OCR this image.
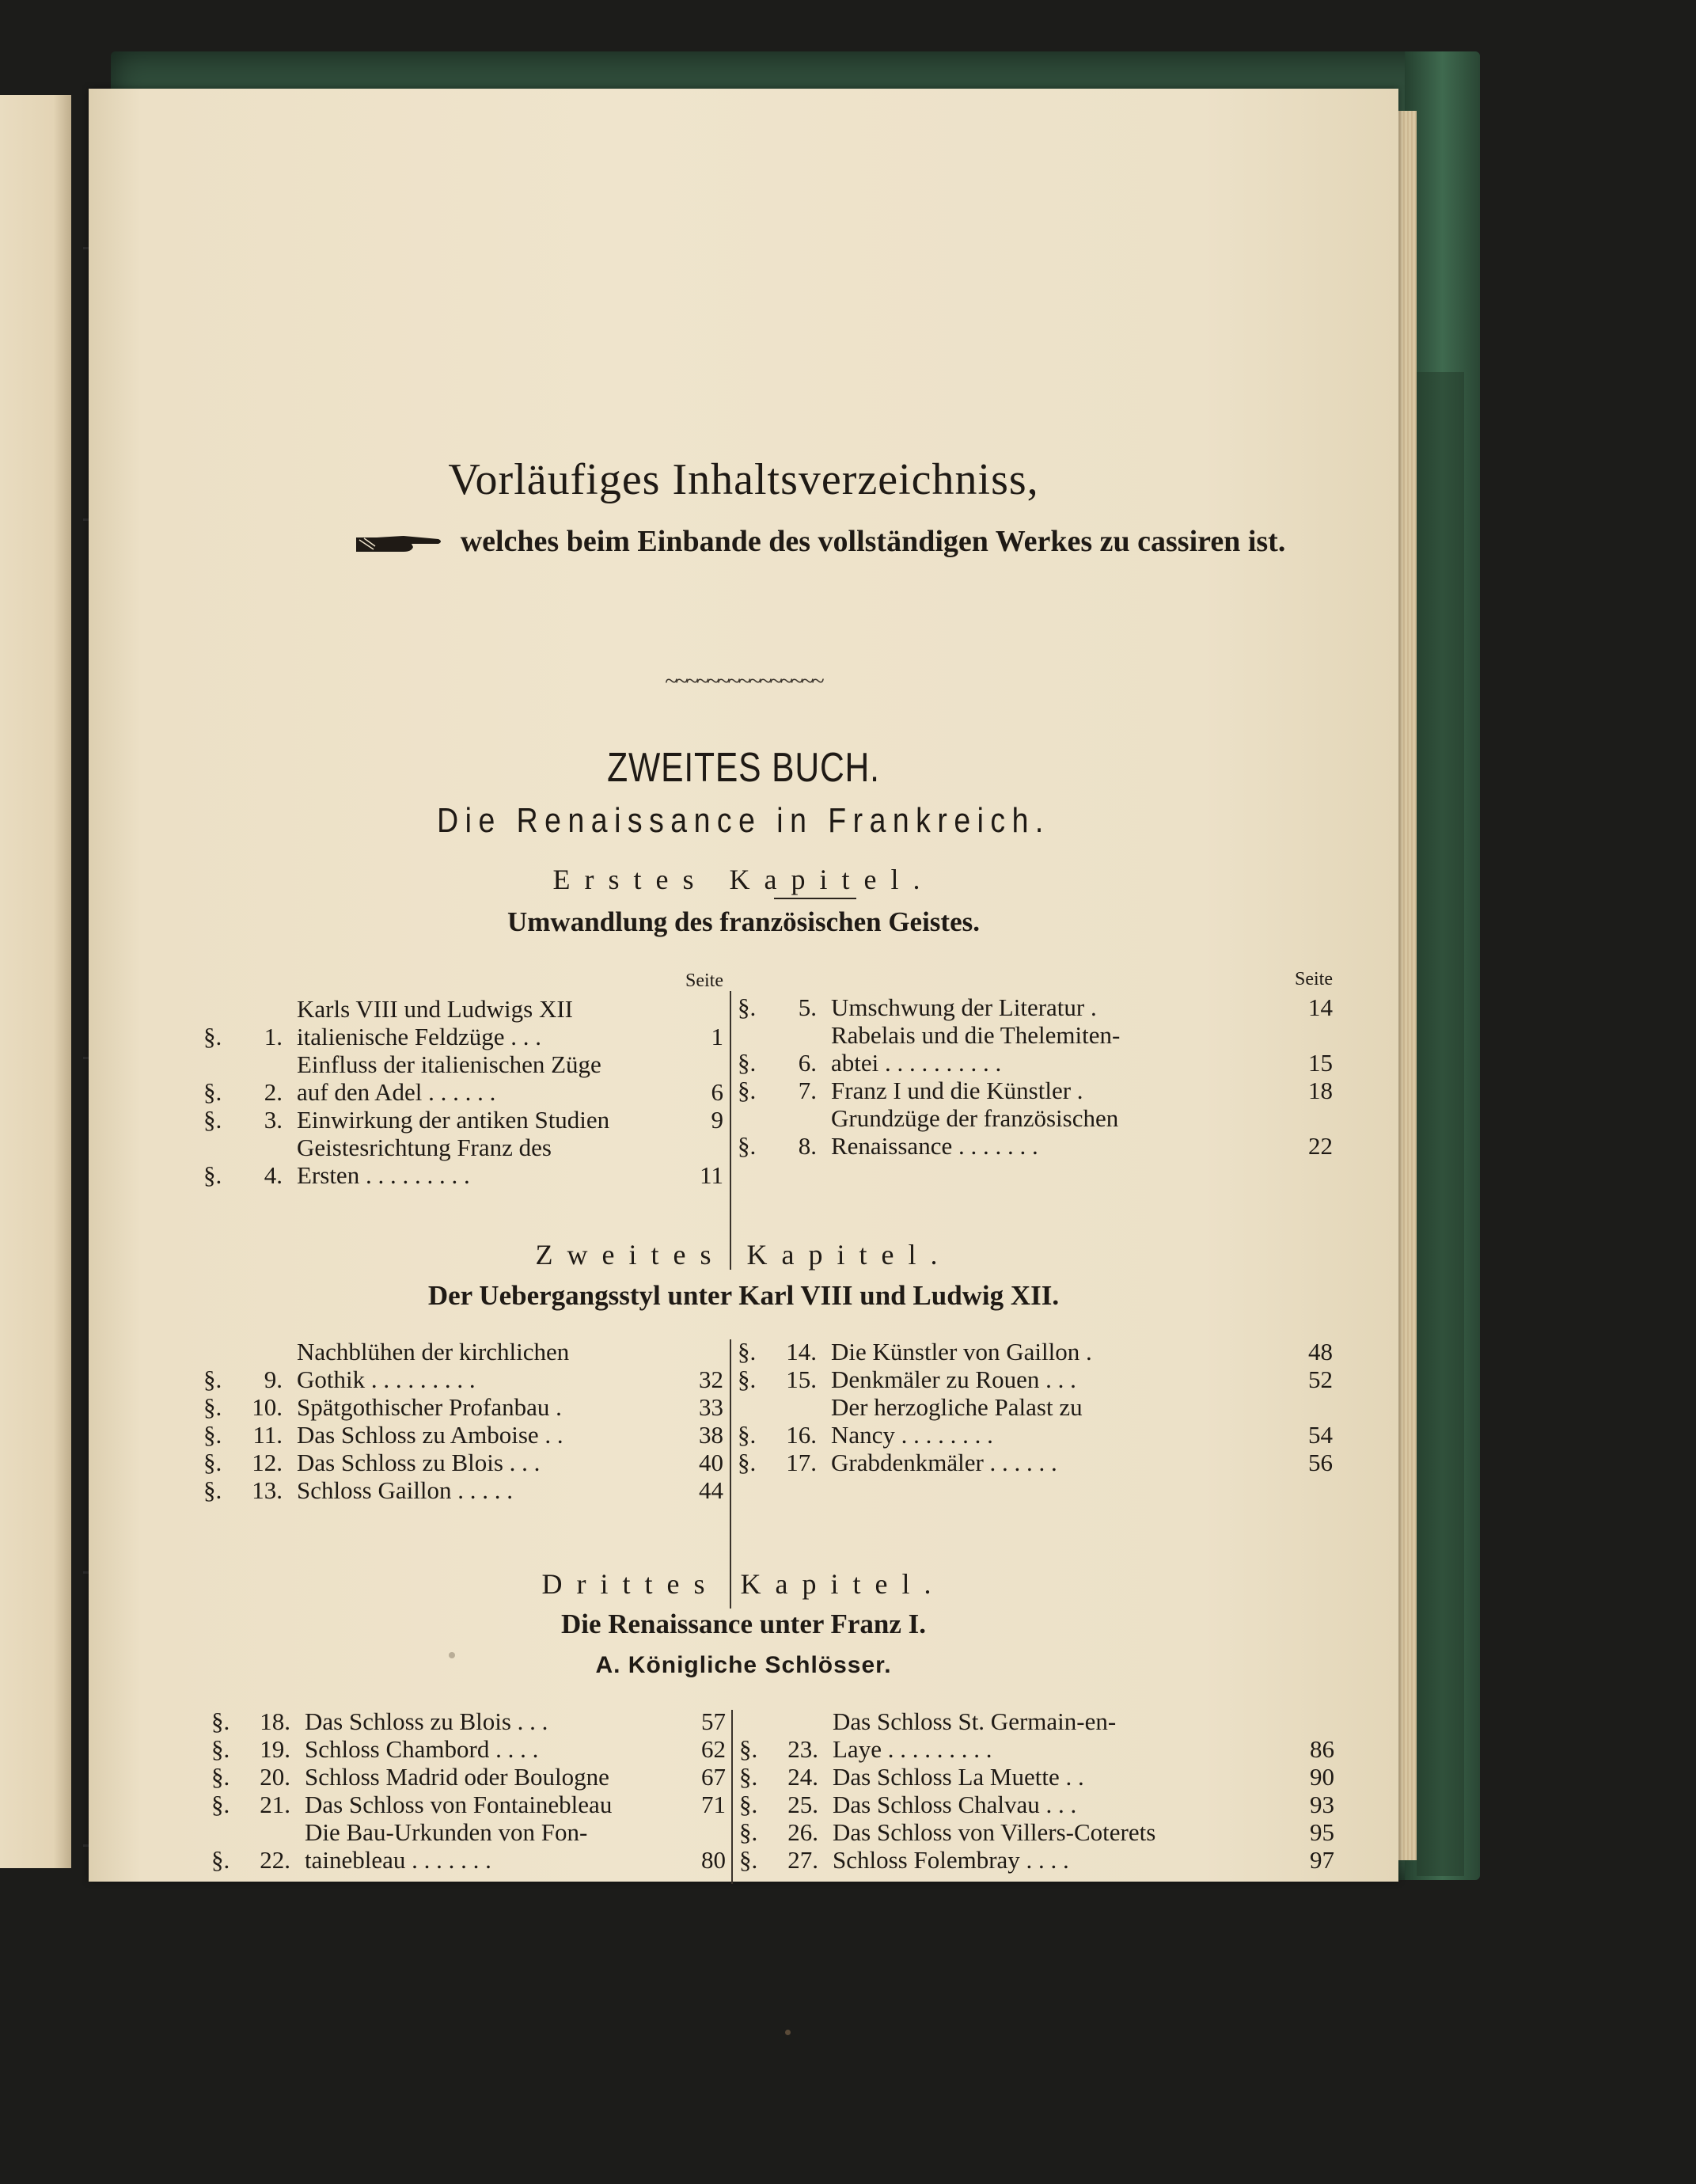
Vorläufiges Inhaltsverzeichniss,
welches beim Einbande des vollständigen Werkes zu cassiren ist.
~~~~~~~~~~~~~~~
ZWEITES BUCH.
Die Renaissance in Frankreich.
Erstes Kapitel.
Umwandlung des französischen Geistes.
Seite
§.	1.
Karls VIII und Ludwigs XII
italienische Feldzüge . . .	1
§.	2.
Einfluss der italienischen Züge
auf den Adel . . . . . .	6
§.	3. Einwirkung der antiken Studien	9
§.	4.
Geistesrichtung Franz des
Ersten . . . . . . . . .	11
Seite
§.	5. Umschwung der Literatur .	14
§.	6.
Rabelais und die Thelemiten-
abtei . . . . . . . . . .	15
§.	7. Franz I und die Künstler .	18
§.	8.
Grundzüge der französischen
Renaissance . . . . . . .	22
Zweites Kapitel.
Der Uebergangsstyl unter Karl VIII und Ludwig XII.
§.	9.
Nachblühen der kirchlichen
Gothik . . . . . . . . .	32
§.	10. Spätgothischer Profanbau .	33
§.	11. Das Schloss zu Amboise . .	38
§.	12. Das Schloss zu Blois . . .	40
§.	13. Schloss Gaillon . . . . .	44
§.	14. Die Künstler von Gaillon .	48
§.	15. Denkmäler zu Rouen . . .	52
§.	16.
Der herzogliche Palast zu
Nancy . . . . . . . .	54
§.	17. Grabdenkmäler . . . . . .	56
Drittes Kapitel.
Die Renaissance unter Franz I.
A. Königliche Schlösser.
§.	18. Das Schloss zu Blois . . .	57
§.	19. Schloss Chambord . . . .	62
§.	20. Schloss Madrid oder Boulogne	67
§.	21. Das Schloss von Fontainebleau	71
§.	22.
Die Bau-Urkunden von Fon-
tainebleau . . . . . . .	80
§.	23.
Das Schloss St. Germain-en-
Laye . . . . . . . . .	86
§.	24. Das Schloss La Muette . .	90
§.	25. Das Schloss Chalvau . . .	93
§.	26. Das Schloss von Villers-Coterets	95
§.	27. Schloss Folembray . . . .	97
